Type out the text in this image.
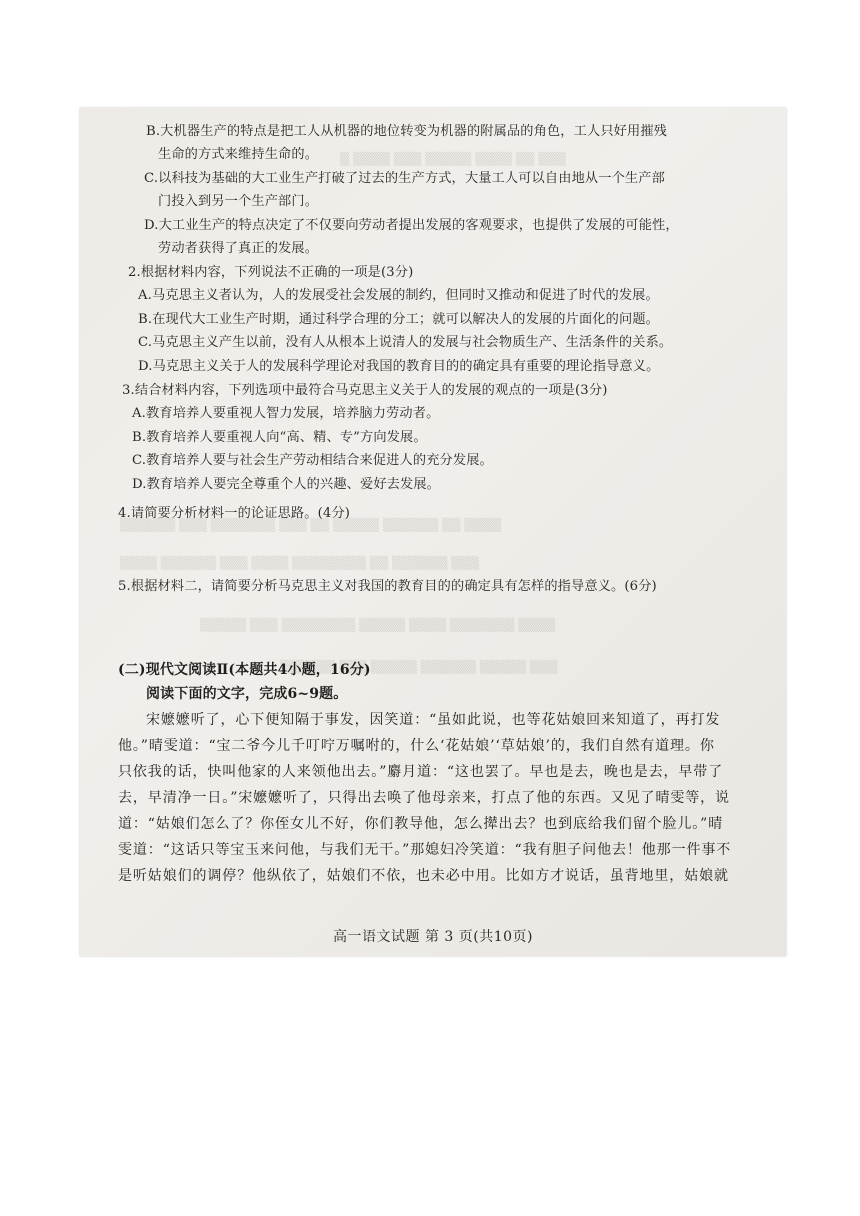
▒ ▒▒▒▒ ▒▒▒ ▒▒▒▒▒ ▒▒▒▒ ▒▒ ▒▒▒
▒▒▒▒▒▒ ▒▒▒ ▒▒▒▒▒▒▒ ▒▒▒ ▒▒ ▒▒▒▒▒ ▒▒▒▒▒▒ ▒▒ ▒▒▒▒
▒▒▒▒ ▒▒▒▒▒▒ ▒▒▒ ▒▒▒▒ ▒▒▒▒▒▒▒▒ ▒▒ ▒▒▒▒▒▒ ▒▒▒
▒▒▒▒▒ ▒▒▒ ▒▒▒▒▒▒▒▒ ▒▒▒▒▒ ▒▒▒▒ ▒▒▒▒▒▒▒ ▒▒▒▒
▒▒▒▒▒▒ ▒▒▒ ▒▒▒▒▒ ▒▒▒▒▒▒ ▒▒▒▒▒ ▒▒▒
B.大机器生产的特点是把工人从机器的地位转变为机器的附属品的角色，工人只好用摧残
生命的方式来维持生命的。
C.以科技为基础的大工业生产打破了过去的生产方式，大量工人可以自由地从一个生产部
门投入到另一个生产部门。
D.大工业生产的特点决定了不仅要向劳动者提出发展的客观要求，也提供了发展的可能性，
劳动者获得了真正的发展。
2.根据材料内容，下列说法不正确的一项是(3分)
A.马克思主义者认为，人的发展受社会发展的制约，但同时又推动和促进了时代的发展。
B.在现代大工业生产时期，通过科学合理的分工；就可以解决人的发展的片面化的问题。
C.马克思主义产生以前，没有人从根本上说清人的发展与社会物质生产、生活条件的关系。
D.马克思主义关于人的发展科学理论对我国的教育目的的确定具有重要的理论指导意义。
3.结合材料内容，下列选项中最符合马克思主义关于人的发展的观点的一项是(3分)
A.教育培养人要重视人智力发展，培养脑力劳动者。
B.教育培养人要重视人向“高、精、专”方向发展。
C.教育培养人要与社会生产劳动相结合来促进人的充分发展。
D.教育培养人要完全尊重个人的兴趣、爱好去发展。
4.请简要分析材料一的论证思路。(4分)
5.根据材料二，请简要分析马克思主义对我国的教育目的的确定具有怎样的指导意义。(6分)
(二)现代文阅读Ⅱ(本题共4小题，16分)
阅读下面的文字，完成6~9题。
宋嬷嬷听了，心下便知隔于事发，因笑道：“虽如此说，也等花姑娘回来知道了，再打发
他。”晴雯道：“宝二爷今儿千叮咛万嘱咐的，什么‘花姑娘’‘草姑娘’的，我们自然有道理。你
只依我的话，快叫他家的人来领他出去。”麝月道：“这也罢了。早也是去，晚也是去，早带了
去，早清净一日。”宋嬷嬷听了，只得出去唤了他母亲来，打点了他的东西。又见了晴雯等，说
道：“姑娘们怎么了？你侄女儿不好，你们教导他，怎么撵出去？也到底给我们留个脸儿。”晴
雯道：“这话只等宝玉来问他，与我们无干。”那媳妇冷笑道：“我有胆子问他去！他那一件事不
是听姑娘们的调停？他纵依了，姑娘们不依，也未必中用。比如方才说话，虽背地里，姑娘就
高一语文试题 第 3 页(共10页)
